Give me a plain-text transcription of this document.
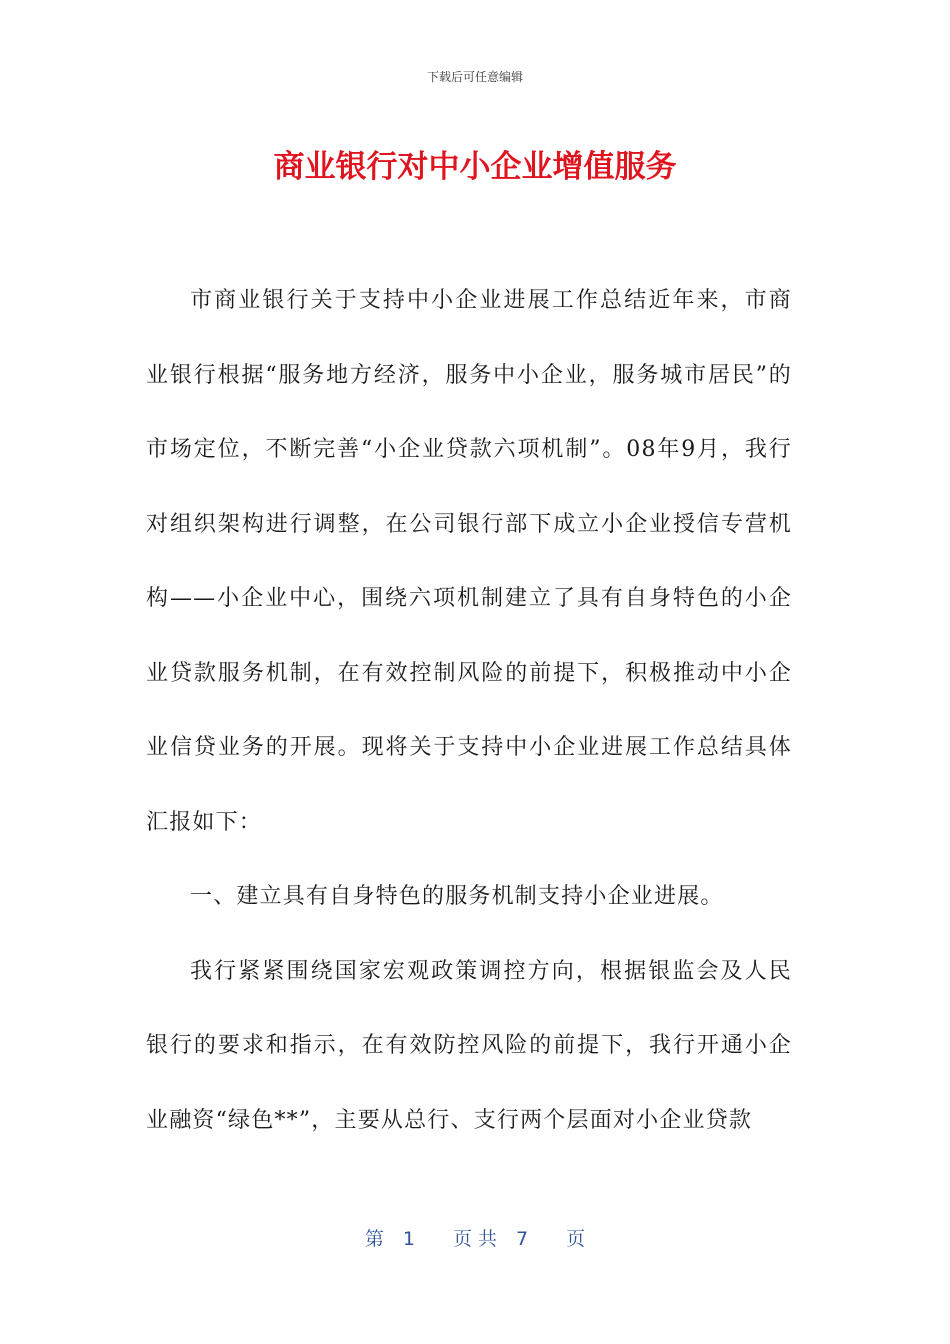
下载后可任意编辑
商业银行对中小企业增值服务

市商业银行关于支持中小企业进展工作总结近年来，市商业银行根据“服务地方经济，服务中小企业，服务城市居民”的市场定位，不断完善“小企业贷款六项机制”。08年9月，我行对组织架构进行调整，在公司银行部下成立小企业授信专营机构——小企业中心，围绕六项机制建立了具有自身特色的小企业贷款服务机制，在有效控制风险的前提下，积极推动中小企业信贷业务的开展。现将关于支持中小企业进展工作总结具体汇报如下：

一、建立具有自身特色的服务机制支持小企业进展。

我行紧紧围绕国家宏观政策调控方向，根据银监会及人民银行的要求和指示，在有效防控风险的前提下，我行开通小企业融资“绿色**”，主要从总行、支行两个层面对小企业贷款

第　1　　页 共　7　　页
